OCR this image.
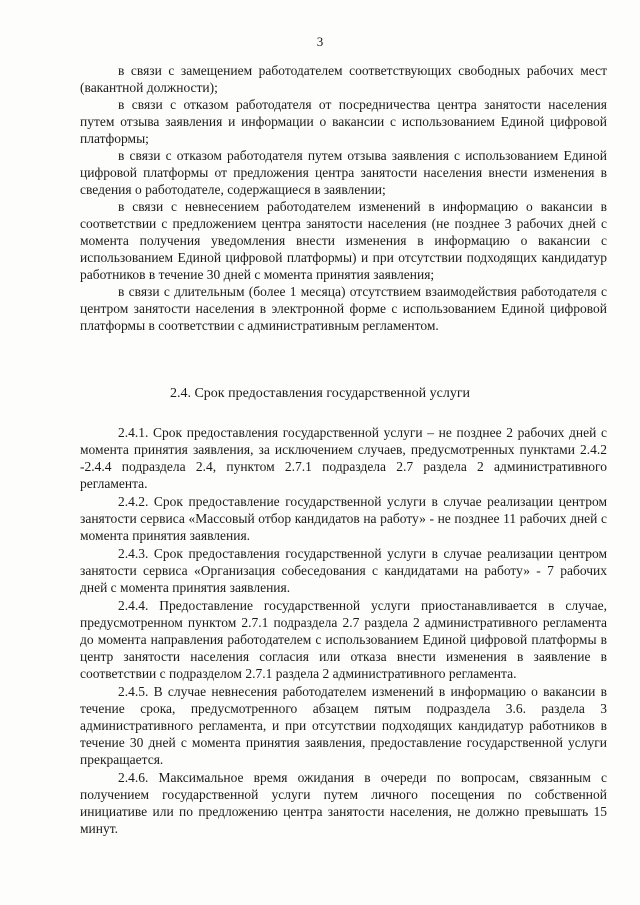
3

в связи с замещением работодателем соответствующих свободных рабочих мест (вакантной должности);

в связи с отказом работодателя от посредничества центра занятости населения путем отзыва заявления и информации о вакансии с использованием Единой цифровой платформы;

в связи с отказом работодателя путем отзыва заявления с использованием Единой цифровой платформы от предложения центра занятости населения внести изменения в сведения о работодателе, содержащиеся в заявлении;

в связи с невнесением работодателем изменений в информацию о вакансии в соответствии с предложением центра занятости населения (не позднее 3 рабочих дней с момента получения уведомления внести изменения в информацию о вакансии с использованием Единой цифровой платформы) и при отсутствии подходящих кандидатур работников в течение 30 дней с момента принятия заявления;

в связи с длительным (более 1 месяца) отсутствием взаимодействия работодателя с центром занятости населения в электронной форме с использованием Единой цифровой платформы в соответствии с административным регламентом.

2.4. Срок предоставления государственной услуги

2.4.1. Срок предоставления государственной услуги – не позднее 2 рабочих дней с момента принятия заявления, за исключением случаев, предусмотренных пунктами 2.4.2 -2.4.4 подраздела 2.4, пунктом 2.7.1 подраздела 2.7 раздела 2 административного регламента.

2.4.2. Срок предоставление государственной услуги в случае реализации центром занятости сервиса «Массовый отбор кандидатов на работу» - не позднее 11 рабочих дней с момента принятия заявления.

2.4.3. Срок предоставления государственной услуги в случае реализации центром занятости сервиса «Организация собеседования с кандидатами на работу» - 7 рабочих дней с момента принятия заявления.

2.4.4. Предоставление государственной услуги приостанавливается в случае, предусмотренном пунктом 2.7.1 подраздела 2.7 раздела 2 административного регламента до момента направления работодателем с использованием Единой цифровой платформы в центр занятости населения согласия или отказа внести изменения в заявление в соответствии с подразделом 2.7.1 раздела 2 административного регламента.

2.4.5. В случае невнесения работодателем изменений в информацию о вакансии в течение срока, предусмотренного абзацем пятым подраздела 3.6. раздела 3 административного регламента, и при отсутствии подходящих кандидатур работников в течение 30 дней с момента принятия заявления, предоставление государственной услуги прекращается.

2.4.6. Максимальное время ожидания в очереди по вопросам, связанным с получением государственной услуги путем личного посещения по собственной инициативе или по предложению центра занятости населения, не должно превышать 15 минут.
